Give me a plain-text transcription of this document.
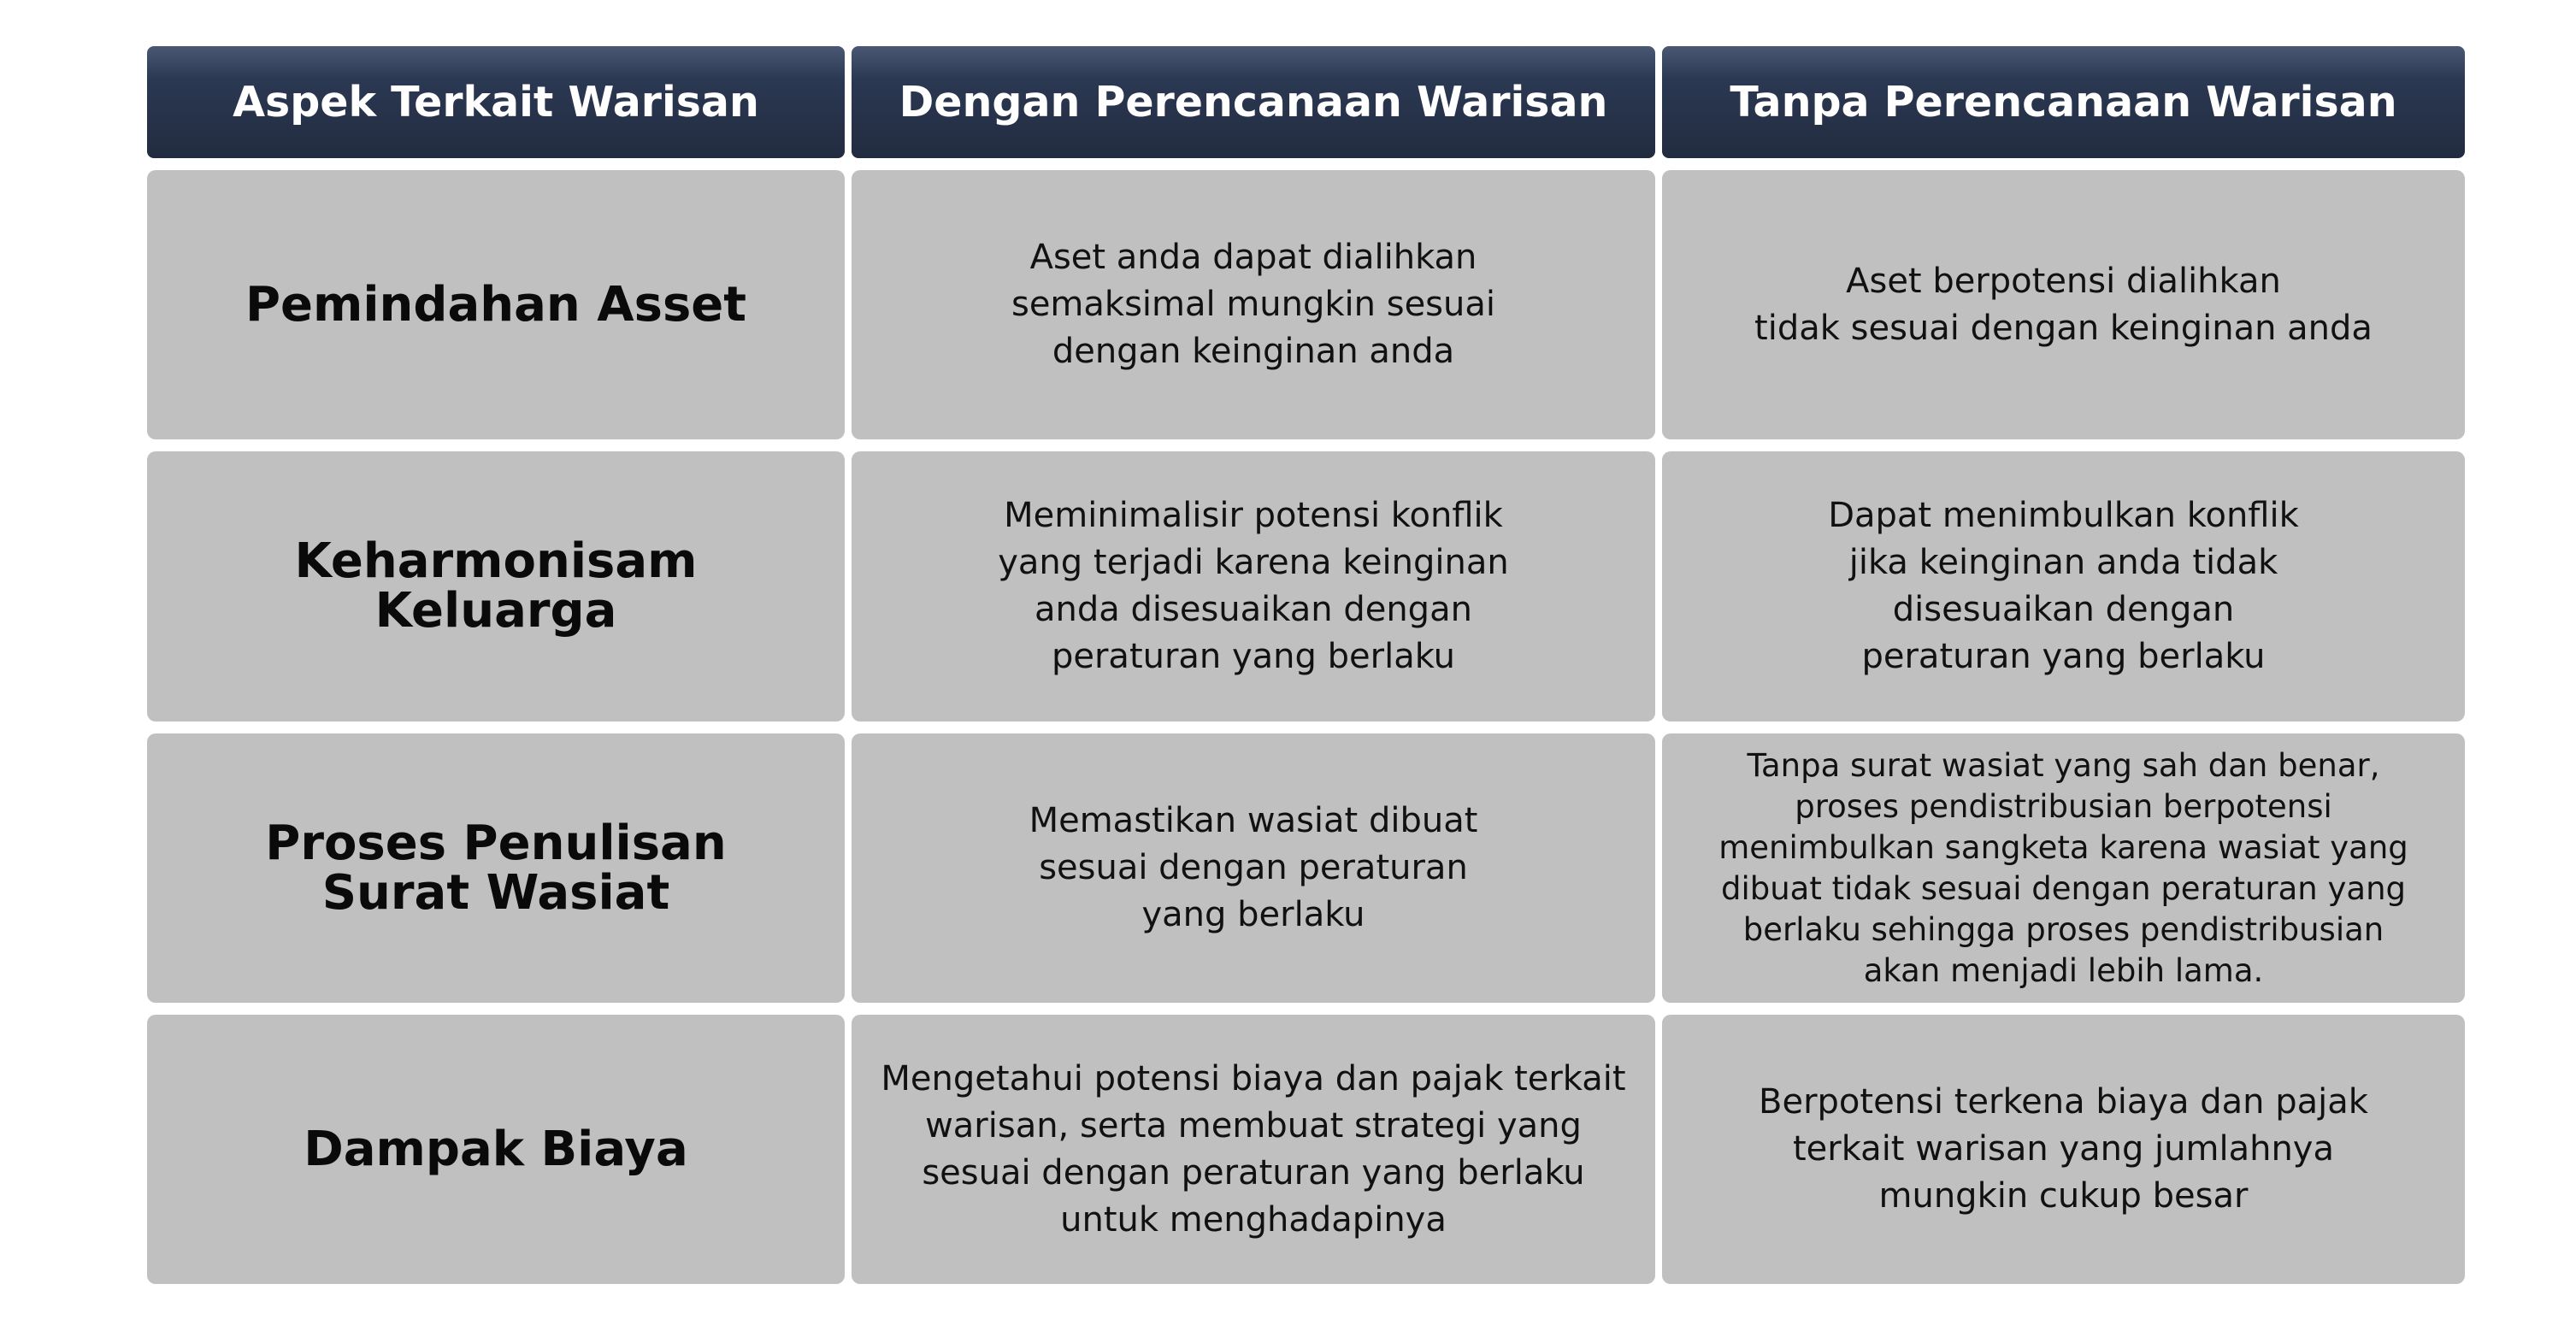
Aspek Terkait Warisan	Dengan Perencanaan Warisan	Tanpa Perencanaan Warisan
Pemindahan Asset
Aset anda dapat dialihkan
semaksimal mungkin sesuai
dengan keinginan anda
Aset berpotensi dialihkan
tidak sesuai dengan keinginan anda
Keharmonisam Keluarga
Meminimalisir potensi konflik
yang terjadi karena keinginan
anda disesuaikan dengan
peraturan yang berlaku
Dapat menimbulkan konflik
jika keinginan anda tidak
disesuaikan dengan
peraturan yang berlaku
Proses Penulisan
Surat Wasiat
Memastikan wasiat dibuat
sesuai dengan peraturan
yang berlaku
Tanpa surat wasiat yang sah dan benar,
proses pendistribusian berpotensi
menimbulkan sangketa karena wasiat yang
dibuat tidak sesuai dengan peraturan yang
berlaku sehingga proses pendistribusian
akan menjadi lebih lama.
Dampak Biaya
Mengetahui potensi biaya dan pajak terkait
warisan, serta membuat strategi yang
sesuai dengan peraturan yang berlaku
untuk menghadapinya
Berpotensi terkena biaya dan pajak
terkait warisan yang jumlahnya
mungkin cukup besar
